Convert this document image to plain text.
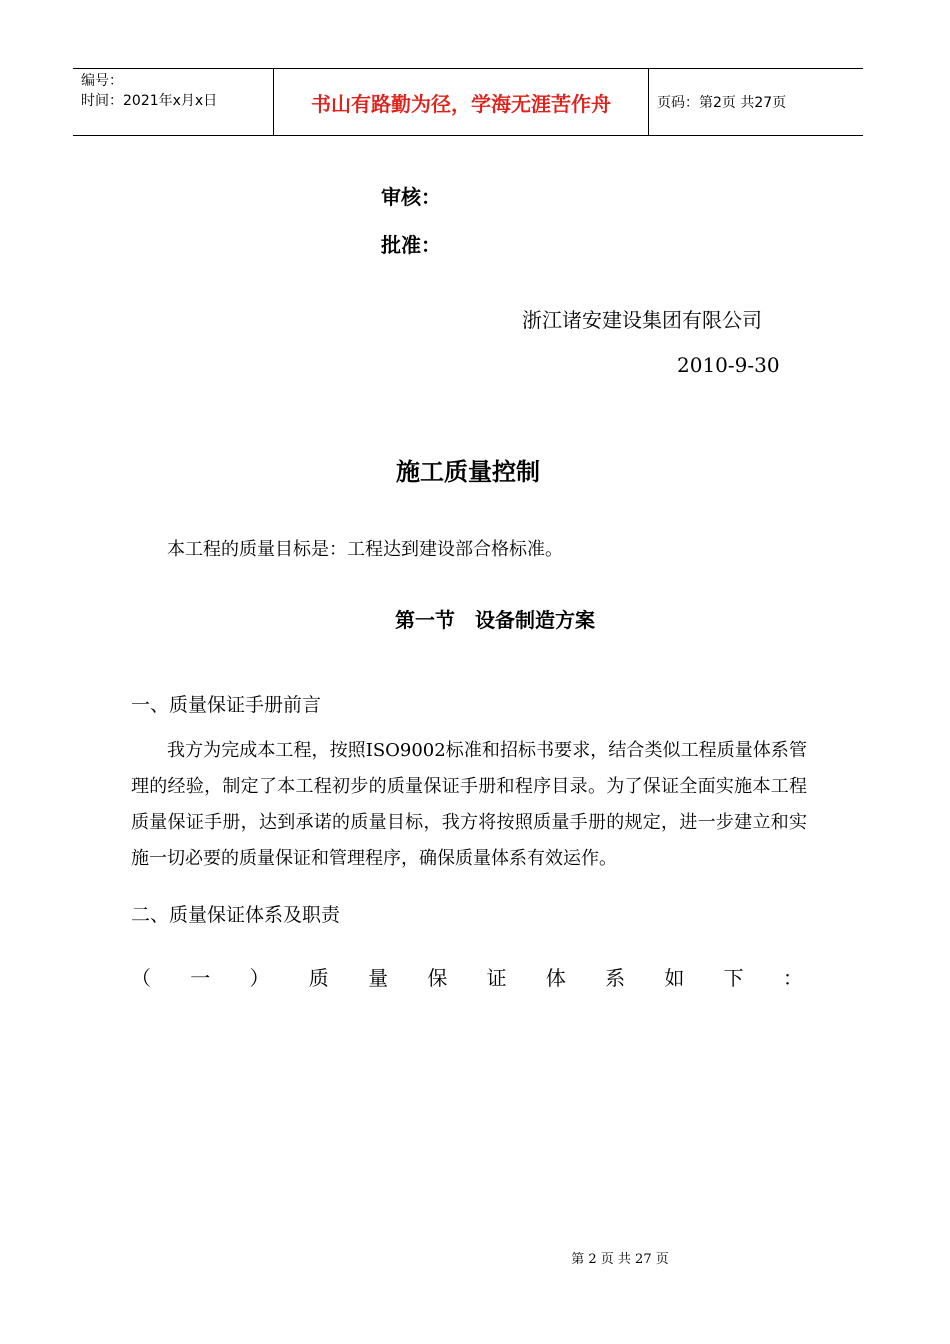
编号：
时间：2021年x月x日	书山有路勤为径，学海无涯苦作舟	页码：第2页 共27页
审核：
批准：
浙江诸安建设集团有限公司
2010-9-30
施工质量控制
本工程的质量目标是：工程达到建设部合格标准。
第一节　设备制造方案
一、质量保证手册前言
我方为完成本工程，按照ISO9002标准和招标书要求，结合类似工程质量体系管理的经验，制定了本工程初步的质量保证手册和程序目录。为了保证全面实施本工程质量保证手册，达到承诺的质量目标，我方将按照质量手册的规定，进一步建立和实施一切必要的质量保证和管理程序，确保质量体系有效运作。
二、质量保证体系及职责
（ 一 ） 质 量 保 证 体 系 如 下 ：
第 2 页 共 27 页
